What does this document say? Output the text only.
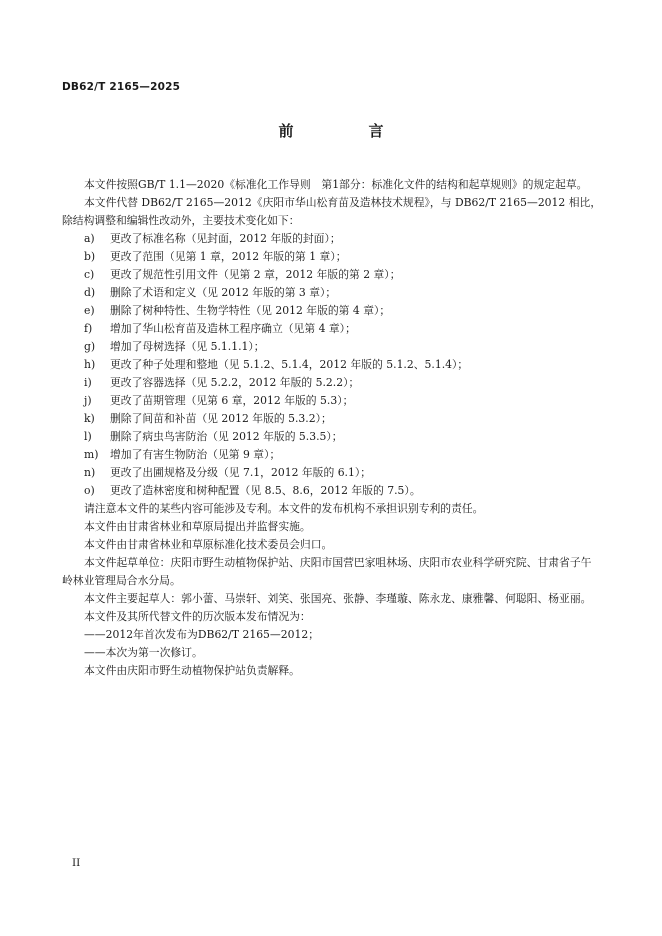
DB62/T 2165—2025
前　言

本文件按照GB/T 1.1—2020《标准化工作导则　第1部分：标准化文件的结构和起草规则》的规定起草。

本文件代替 DB62/T 2165—2012《庆阳市华山松育苗及造林技术规程》，与 DB62/T 2165—2012 相比，除结构调整和编辑性改动外，主要技术变化如下：

a)	更改了标准名称（见封面，2012 年版的封面）；
b)	更改了范围（见第 1 章，2012 年版的第 1 章）；
c)	更改了规范性引用文件（见第 2 章，2012 年版的第 2 章）；
d)	删除了术语和定义（见 2012 年版的第 3 章）；
e)	删除了树种特性、生物学特性（见 2012 年版的第 4 章）；
f)	增加了华山松育苗及造林工程序确立（见第 4 章）；
g)	增加了母树选择（见 5.1.1.1）；
h)	更改了种子处理和整地（见 5.1.2、5.1.4，2012 年版的 5.1.2、5.1.4）；
i)	更改了容器选择（见 5.2.2，2012 年版的 5.2.2）；
j)	更改了苗期管理（见第 6 章，2012 年版的 5.3）；
k)	删除了间苗和补苗（见 2012 年版的 5.3.2）；
l)	删除了病虫鸟害防治（见 2012 年版的 5.3.5）；
m)	增加了有害生物防治（见第 9 章）；
n)	更改了出圃规格及分级（见 7.1，2012 年版的 6.1）；
o)	更改了造林密度和树种配置（见 8.5、8.6，2012 年版的 7.5）。

请注意本文件的某些内容可能涉及专利。本文件的发布机构不承担识别专利的责任。

本文件由甘肃省林业和草原局提出并监督实施。

本文件由甘肃省林业和草原标准化技术委员会归口。

本文件起草单位：庆阳市野生动植物保护站、庆阳市国营巴家咀林场、庆阳市农业科学研究院、甘肃省子午岭林业管理局合水分局。

本文件主要起草人：郭小蕾、马崇轩、刘笑、张国亮、张静、李瑾璇、陈永龙、康雅馨、何聪阳、杨亚丽。

本文件及其所代替文件的历次版本发布情况为：

——2012年首次发布为DB62/T 2165—2012；

——本次为第一次修订。

本文件由庆阳市野生动植物保护站负责解释。

II
